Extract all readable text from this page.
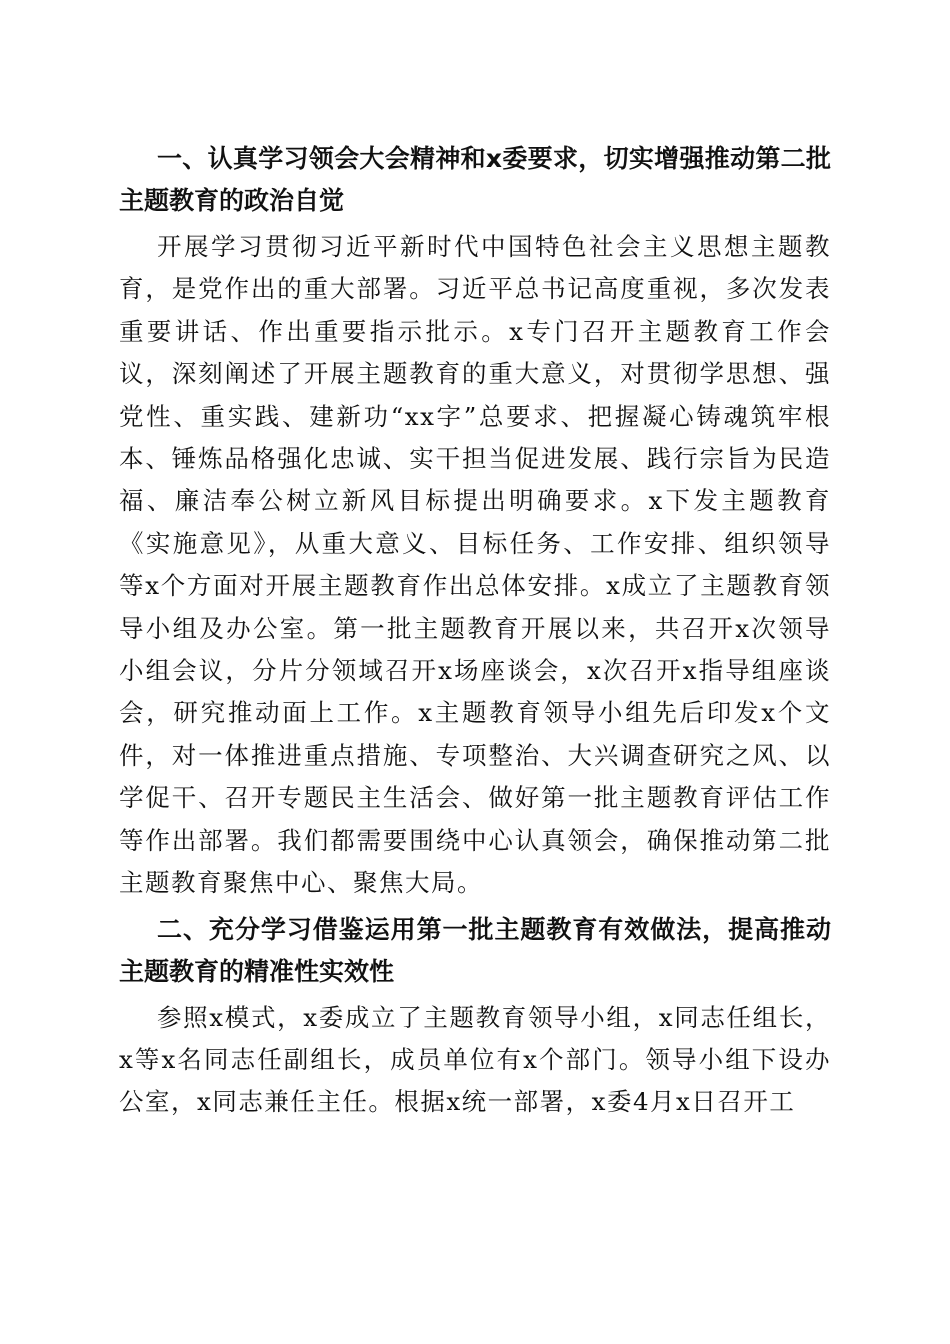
一、认真学习领会大会精神和x委要求，切实增强推动第二批主题教育的政治自觉
开展学习贯彻习近平新时代中国特色社会主义思想主题教育，是党作出的重大部署。习近平总书记高度重视，多次发表重要讲话、作出重要指示批示。x专门召开主题教育工作会议，深刻阐述了开展主题教育的重大意义，对贯彻学思想、强党性、重实践、建新功“xx字”总要求、把握凝心铸魂筑牢根本、锤炼品格强化忠诚、实干担当促进发展、践行宗旨为民造福、廉洁奉公树立新风目标提出明确要求。x下发主题教育《实施意见》，从重大意义、目标任务、工作安排、组织领导等x个方面对开展主题教育作出总体安排。x成立了主题教育领导小组及办公室。第一批主题教育开展以来，共召开x次领导小组会议，分片分领域召开x场座谈会，x次召开x指导组座谈会，研究推动面上工作。x主题教育领导小组先后印发x个文件，对一体推进重点措施、专项整治、大兴调查研究之风、以学促干、召开专题民主生活会、做好第一批主题教育评估工作等作出部署。我们都需要围绕中心认真领会，确保推动第二批主题教育聚焦中心、聚焦大局。
二、充分学习借鉴运用第一批主题教育有效做法，提高推动主题教育的精准性实效性
参照x模式，x委成立了主题教育领导小组，x同志任组长，x等x名同志任副组长，成员单位有x个部门。领导小组下设办公室，x同志兼任主任。根据x统一部署，x委4月x日召开工
